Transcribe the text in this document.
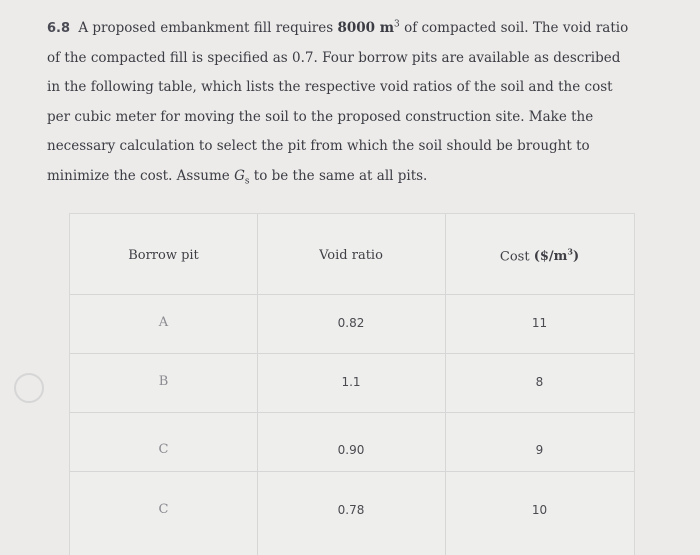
6.8 A proposed embankment fill requires 8000 $m^3$ of compacted soil. The void ratio
of the compacted fill is specified as 0.7. Four borrow pits are available as described
in the following table, which lists the respective void ratios of the soil and the cost
per cubic meter for moving the soil to the proposed construction site. Make the
necessary calculation to select the pit from which the soil should be brought to
minimize the cost. Assume $G_s$ to be the same at all pits.
Borrow pit	Void ratio	Cost $(\$/m^3)$
A	0.82	11
B	1.1	8
C	0.90	9
C	0.78	10
